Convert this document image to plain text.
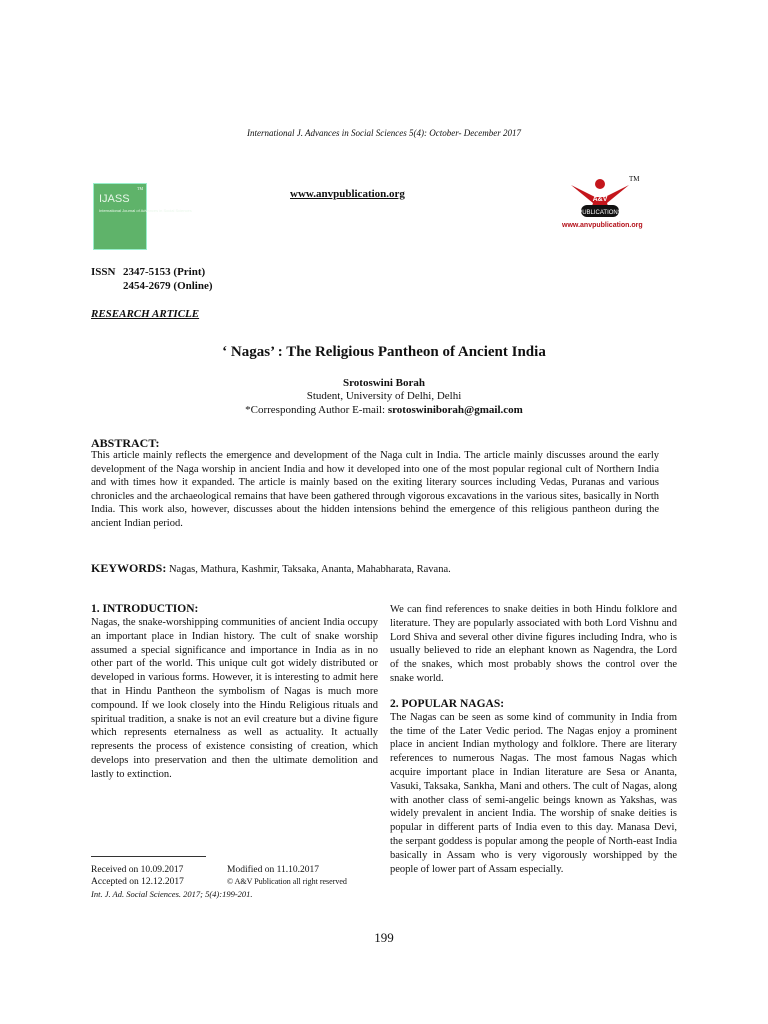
International J. Advances in Social Sciences 5(4): October- December 2017
TM
IJASS
International Journal of Advances in Social Sciences
www.anvpublication.org
PUBLICATIONS
A&V
TM
www.anvpublication.org
ISSN 2347-5153 (Print)
2454-2679 (Online)
RESEARCH ARTICLE
‘ Nagas’ : The Religious Pantheon of Ancient India
Srotoswini Borah
Student, University of Delhi, Delhi
*Corresponding Author E-mail: srotoswiniborah@gmail.com
ABSTRACT:
This article mainly reflects the emergence and development of the Naga cult in India. The article mainly discusses around the early development of the Naga worship in ancient India and how it developed into one of the most popular regional cult of Northern India and with times how it expanded. The article is mainly based on the exiting literary sources including Vedas, Puranas and various chronicles and the archaeological remains that have been gathered through vigorous excavations in the various sites, basically in North India. This work also, however, discusses about the hidden intensions behind the emergence of this religious pantheon during the ancient Indian period.
KEYWORDS: Nagas, Mathura, Kashmir, Taksaka, Ananta, Mahabharata, Ravana.
1. INTRODUCTION:

Nagas, the snake-worshipping communities of ancient India occupy an important place in Indian history. The cult of snake worship assumed a special significance and importance in India as in no other part of the world. This unique cult got widely distributed or developed in various forms. However, it is interesting to admit here that in Hindu Pantheon the symbolism of Nagas is much more compound. If we look closely into the Hindu Religious rituals and spiritual tradition, a snake is not an evil creature but a divine figure which represents eternalness as well as actuality. It actually represents the process of existence consisting of creation, which develops into preservation and then the ultimate demolition and lastly to extinction.

We can find references to snake deities in both Hindu folklore and literature. They are popularly associated with both Lord Vishnu and Lord Shiva and several other divine figures including Indra, who is usually believed to ride an elephant known as Nagendra, the Lord of the snakes, which most probably shows the control over the snake world.

2. POPULAR NAGAS:

The Nagas can be seen as some kind of community in India from the time of the Later Vedic period. The Nagas enjoy a prominent place in ancient Indian mythology and folklore. There are literary references to numerous Nagas. The most famous Nagas which acquire important place in Indian literature are Sesa or Ananta, Vasuki, Taksaka, Sankha, Mani and others. The cult of Nagas, along with another class of semi-angelic beings known as Yakshas, was widely prevalent in ancient India. The worship of snake deities is popular in different parts of India even to this day. Manasa Devi, the serpant goddess is popular among the people of North-east India basically in Assam who is very vigorously worshipped by the people of lower part of Assam especially.

Received on 10.09.2017	Modified on 11.10.2017
Accepted on 12.12.2017	© A&V Publication all right reserved
Int. J. Ad. Social Sciences. 2017; 5(4):199-201.
199
